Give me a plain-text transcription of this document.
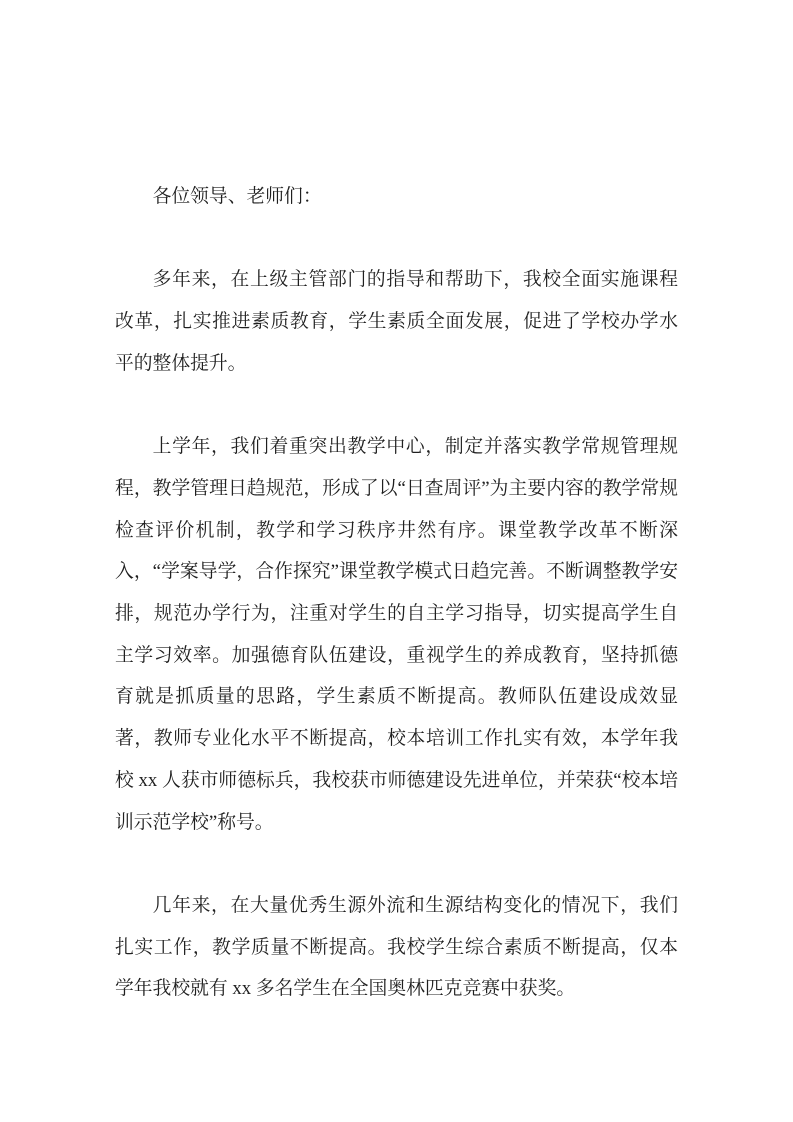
各位领导、老师们：

多年来，在上级主管部门的指导和帮助下，我校全面实施课程改革，扎实推进素质教育，学生素质全面发展，促进了学校办学水平的整体提升。

上学年，我们着重突出教学中心，制定并落实教学常规管理规程，教学管理日趋规范，形成了以“日查周评”为主要内容的教学常规检查评价机制，教学和学习秩序井然有序。课堂教学改革不断深入，“学案导学，合作探究”课堂教学模式日趋完善。不断调整教学安排，规范办学行为，注重对学生的自主学习指导，切实提高学生自主学习效率。加强德育队伍建设，重视学生的养成教育，坚持抓德育就是抓质量的思路，学生素质不断提高。教师队伍建设成效显著，教师专业化水平不断提高，校本培训工作扎实有效，本学年我校 xx 人获市师德标兵，我校获市师德建设先进单位，并荣获“校本培训示范学校”称号。

几年来，在大量优秀生源外流和生源结构变化的情况下，我们扎实工作，教学质量不断提高。我校学生综合素质不断提高，仅本学年我校就有 xx 多名学生在全国奥林匹克竞赛中获奖。
